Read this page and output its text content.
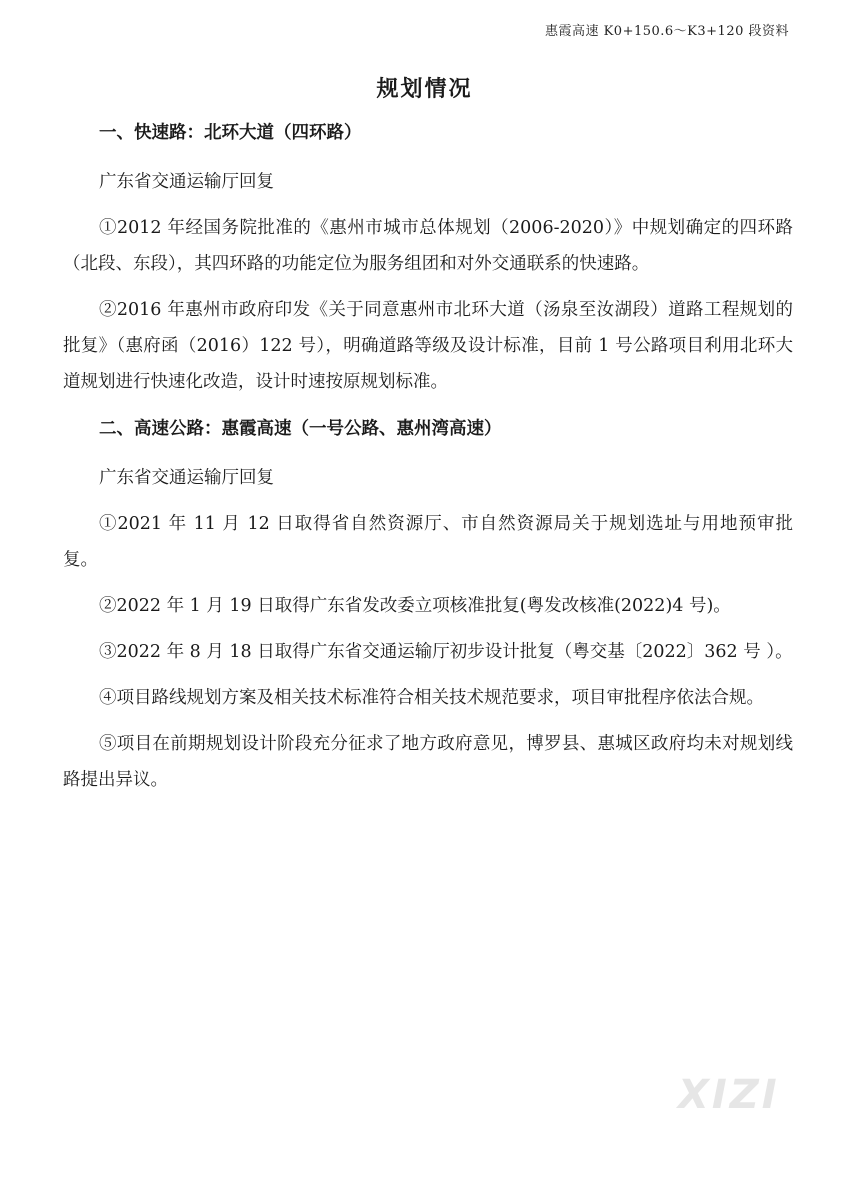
惠霞高速 K0+150.6～K3+120 段资料
规划情况
一、快速路：北环大道（四环路）
广东省交通运输厅回复
①2012 年经国务院批准的《惠州市城市总体规划（2006-2020）》中规划确定的四环路（北段、东段），其四环路的功能定位为服务组团和对外交通联系的快速路。
②2016 年惠州市政府印发《关于同意惠州市北环大道（汤泉至汝湖段）道路工程规划的批复》（惠府函（2016）122 号），明确道路等级及设计标准，目前 1 号公路项目利用北环大道规划进行快速化改造，设计时速按原规划标准。
二、高速公路：惠霞高速（一号公路、惠州湾高速）
广东省交通运输厅回复
①2021 年 11 月 12 日取得省自然资源厅、市自然资源局关于规划选址与用地预审批复。
②2022 年 1 月 19 日取得广东省发改委立项核准批复(粤发改核准(2022)4 号)。
③2022 年 8 月 18 日取得广东省交通运输厅初步设计批复（粤交基〔2022〕362 号 ）。
④项目路线规划方案及相关技术标准符合相关技术规范要求，项目审批程序依法合规。
⑤项目在前期规划设计阶段充分征求了地方政府意见，博罗县、惠城区政府均未对规划线路提出异议。
XIZI
